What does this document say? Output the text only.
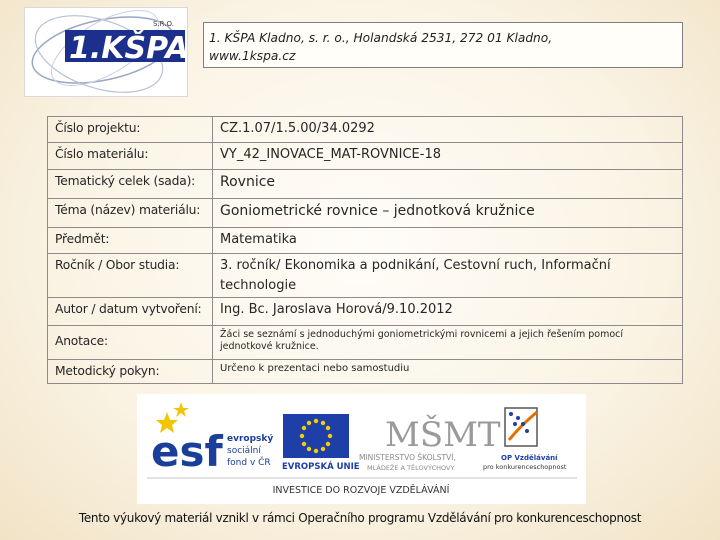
1.KŠPA
S.R.O.
1. KŠPA Kladno, s. r. o., Holandská 2531, 272 01 Kladno,
www.1kspa.cz
Číslo projektu:	CZ.1.07/1.5.00/34.0292
Číslo materiálu:	VY_42_INOVACE_MAT-ROVNICE-18
Tematický celek (sada):	Rovnice
Téma (název) materiálu:	Goniometrické rovnice – jednotková kružnice
Předmět:	Matematika
Ročník / Obor studia:	3. ročník/ Ekonomika a podnikání, Cestovní ruch, Informační technologie
Autor / datum vytvoření:	Ing. Bc. Jaroslava Horová/9.10.2012
Anotace:	Žáci se seznámí s jednoduchými goniometrickými rovnicemi a jejich řešením pomocí jednotkové kružnice.
Metodický pokyn:	Určeno k prezentaci nebo samostudiu
esf evropský
sociální
fond v ČR EVROPSKÁ UNIE
MŠMT
MINISTERSTVO ŠKOLSTVÍ,
MLÁDEŽE A TĚLOVÝCHOVY
OP Vzdělávání
pro konkurenceschopnost
INVESTICE DO ROZVOJE VZDĚLÁVÁNÍ
Tento výukový materiál vznikl v rámci Operačního programu Vzdělávání pro konkurenceschopnost
